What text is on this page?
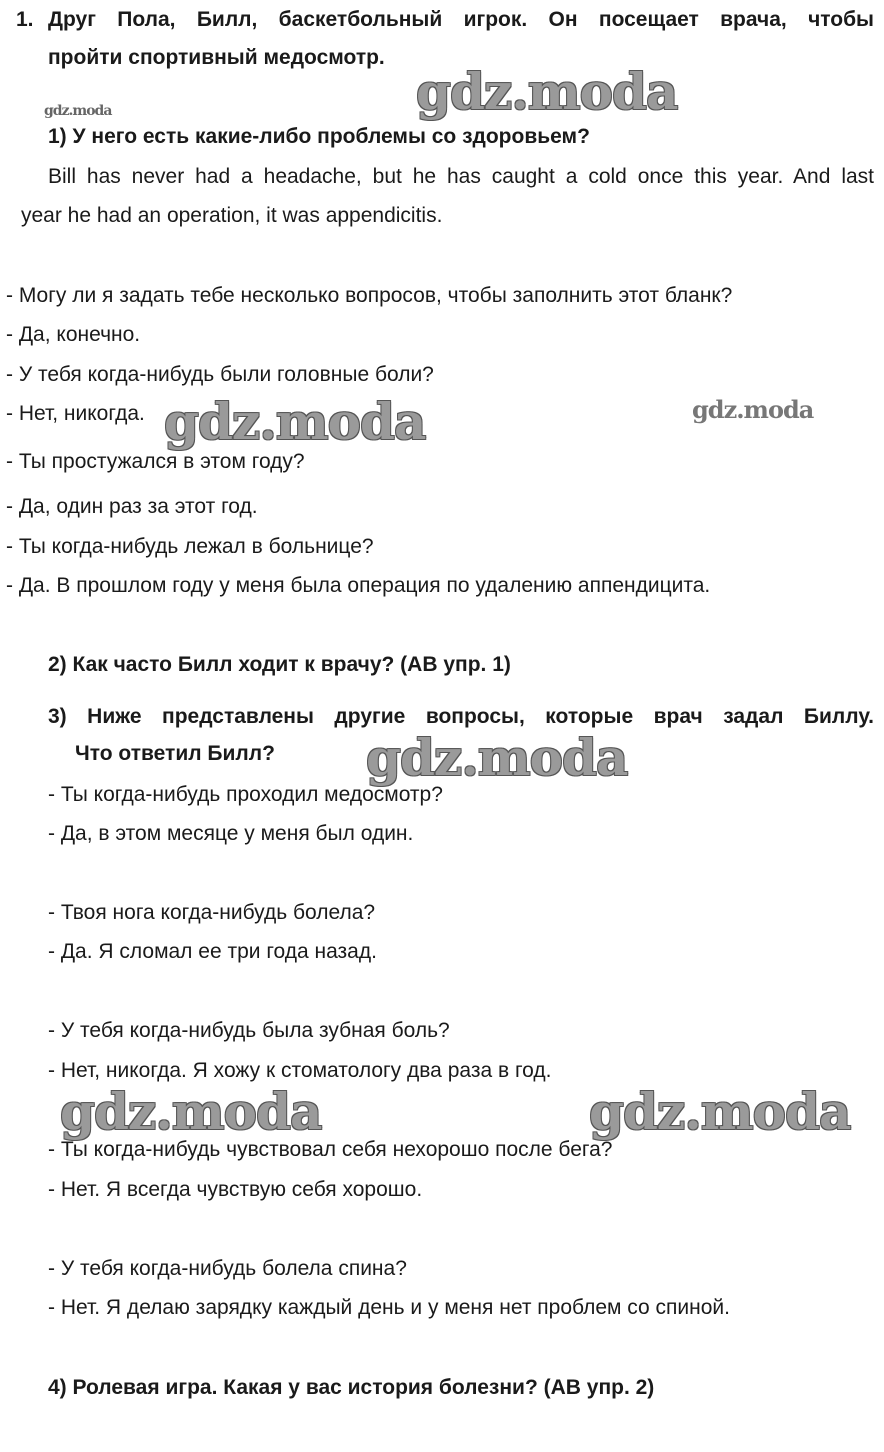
1. Друг Пола, Билл, баскетбольный игрок. Он посещает врача, чтобы
пройти спортивный медосмотр.
gdz.moda
gdz.moda
1) У него есть какие-либо проблемы со здоровьем?
Bill has never had a headache, but he has caught a cold once this year. And last
year he had an operation, it was appendicitis.
- Могу ли я задать тебе несколько вопросов, чтобы заполнить этот бланк?
- Да, конечно.
- У тебя когда-нибудь были головные боли?
- Нет, никогда. gdz.moda	gdz.moda
- Ты простужался в этом году?
- Да, один раз за этот год.
- Ты когда-нибудь лежал в больнице?
- Да. В прошлом году у меня была операция по удалению аппендицита.
2) Как часто Билл ходит к врачу? (АВ упр. 1)
3) Ниже представлены другие вопросы, которые врач задал Биллу.
Что ответил Билл? gdz.moda
- Ты когда-нибудь проходил медосмотр?
- Да, в этом месяце у меня был один.
- Твоя нога когда-нибудь болела?
- Да. Я сломал ее три года назад.
- У тебя когда-нибудь была зубная боль?
- Нет, никогда. Я хожу к стоматологу два раза в год.
gdz.moda	gdz.moda
- Ты когда-нибудь чувствовал себя нехорошо после бега?
- Нет. Я всегда чувствую себя хорошо.
- У тебя когда-нибудь болела спина?
- Нет. Я делаю зарядку каждый день и у меня нет проблем со спиной.
4) Ролевая игра. Какая у вас история болезни? (АВ упр. 2)
